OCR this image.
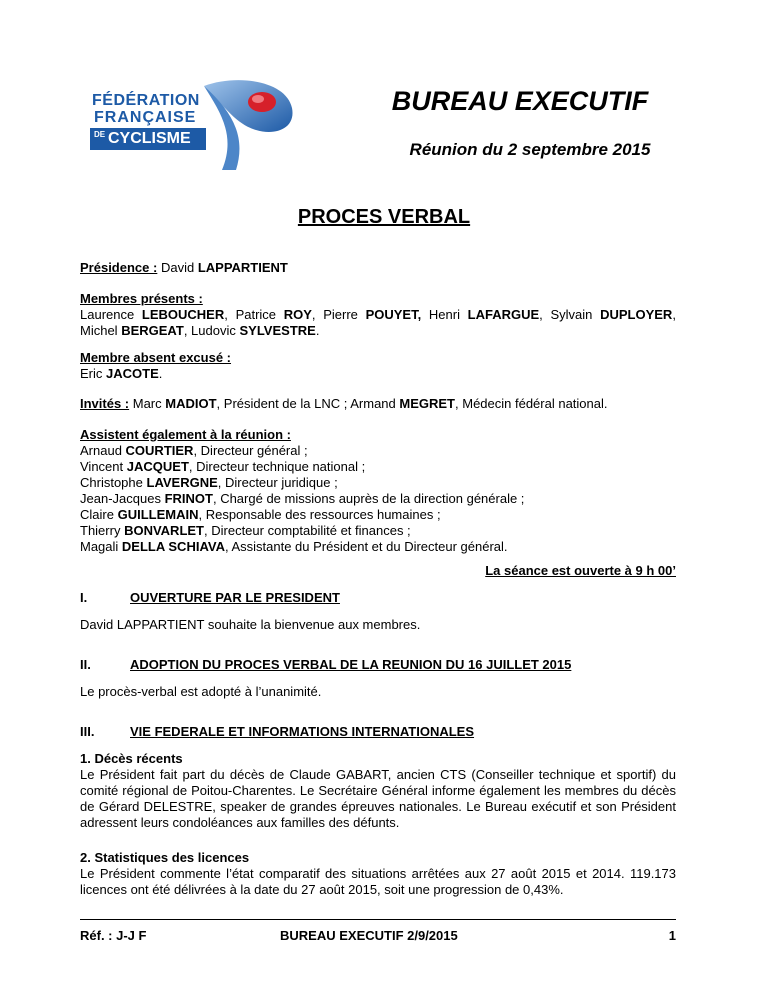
FÉDÉRATION
FRANÇAISE
DE CYCLISME
BUREAU EXECUTIF
Réunion du 2 septembre 2015
PROCES VERBAL
Présidence : David LAPPARTIENT
Membres présents :
Laurence LEBOUCHER, Patrice ROY, Pierre POUYET, Henri LAFARGUE, Sylvain DUPLOYER, Michel BERGEAT, Ludovic SYLVESTRE.
Membre absent excusé :
Eric JACOTE.
Invités : Marc MADIOT, Président de la LNC ; Armand MEGRET, Médecin fédéral national.
Assistent également à la réunion :
Arnaud COURTIER, Directeur général ;
Vincent JACQUET, Directeur technique national ;
Christophe LAVERGNE, Directeur juridique ;
Jean-Jacques FRINOT, Chargé de missions auprès de la direction générale ;
Claire GUILLEMAIN, Responsable des ressources humaines ;
Thierry BONVARLET, Directeur comptabilité et finances ;
Magali DELLA SCHIAVA, Assistante du Président et du Directeur général.
La séance est ouverte à 9 h 00’
I.	OUVERTURE PAR LE PRESIDENT
David LAPPARTIENT souhaite la bienvenue aux membres.
II.	ADOPTION DU PROCES VERBAL DE LA REUNION DU 16 JUILLET 2015
Le procès-verbal est adopté à l’unanimité.
III.	VIE FEDERALE ET INFORMATIONS INTERNATIONALES
1. Décès récents
Le Président fait part du décès de Claude GABART, ancien CTS (Conseiller technique et sportif) du comité régional de Poitou-Charentes. Le Secrétaire Général informe également les membres du décès de Gérard DELESTRE, speaker de grandes épreuves nationales. Le Bureau exécutif et son Président adressent leurs condoléances aux familles des défunts.
2. Statistiques des licences
Le Président commente l’état comparatif des situations arrêtées aux 27 août 2015 et 2014. 119.173 licences ont été délivrées à la date du 27 août 2015, soit une progression de 0,43%.
Réf. : J-J F	BUREAU EXECUTIF 2/9/2015	1
